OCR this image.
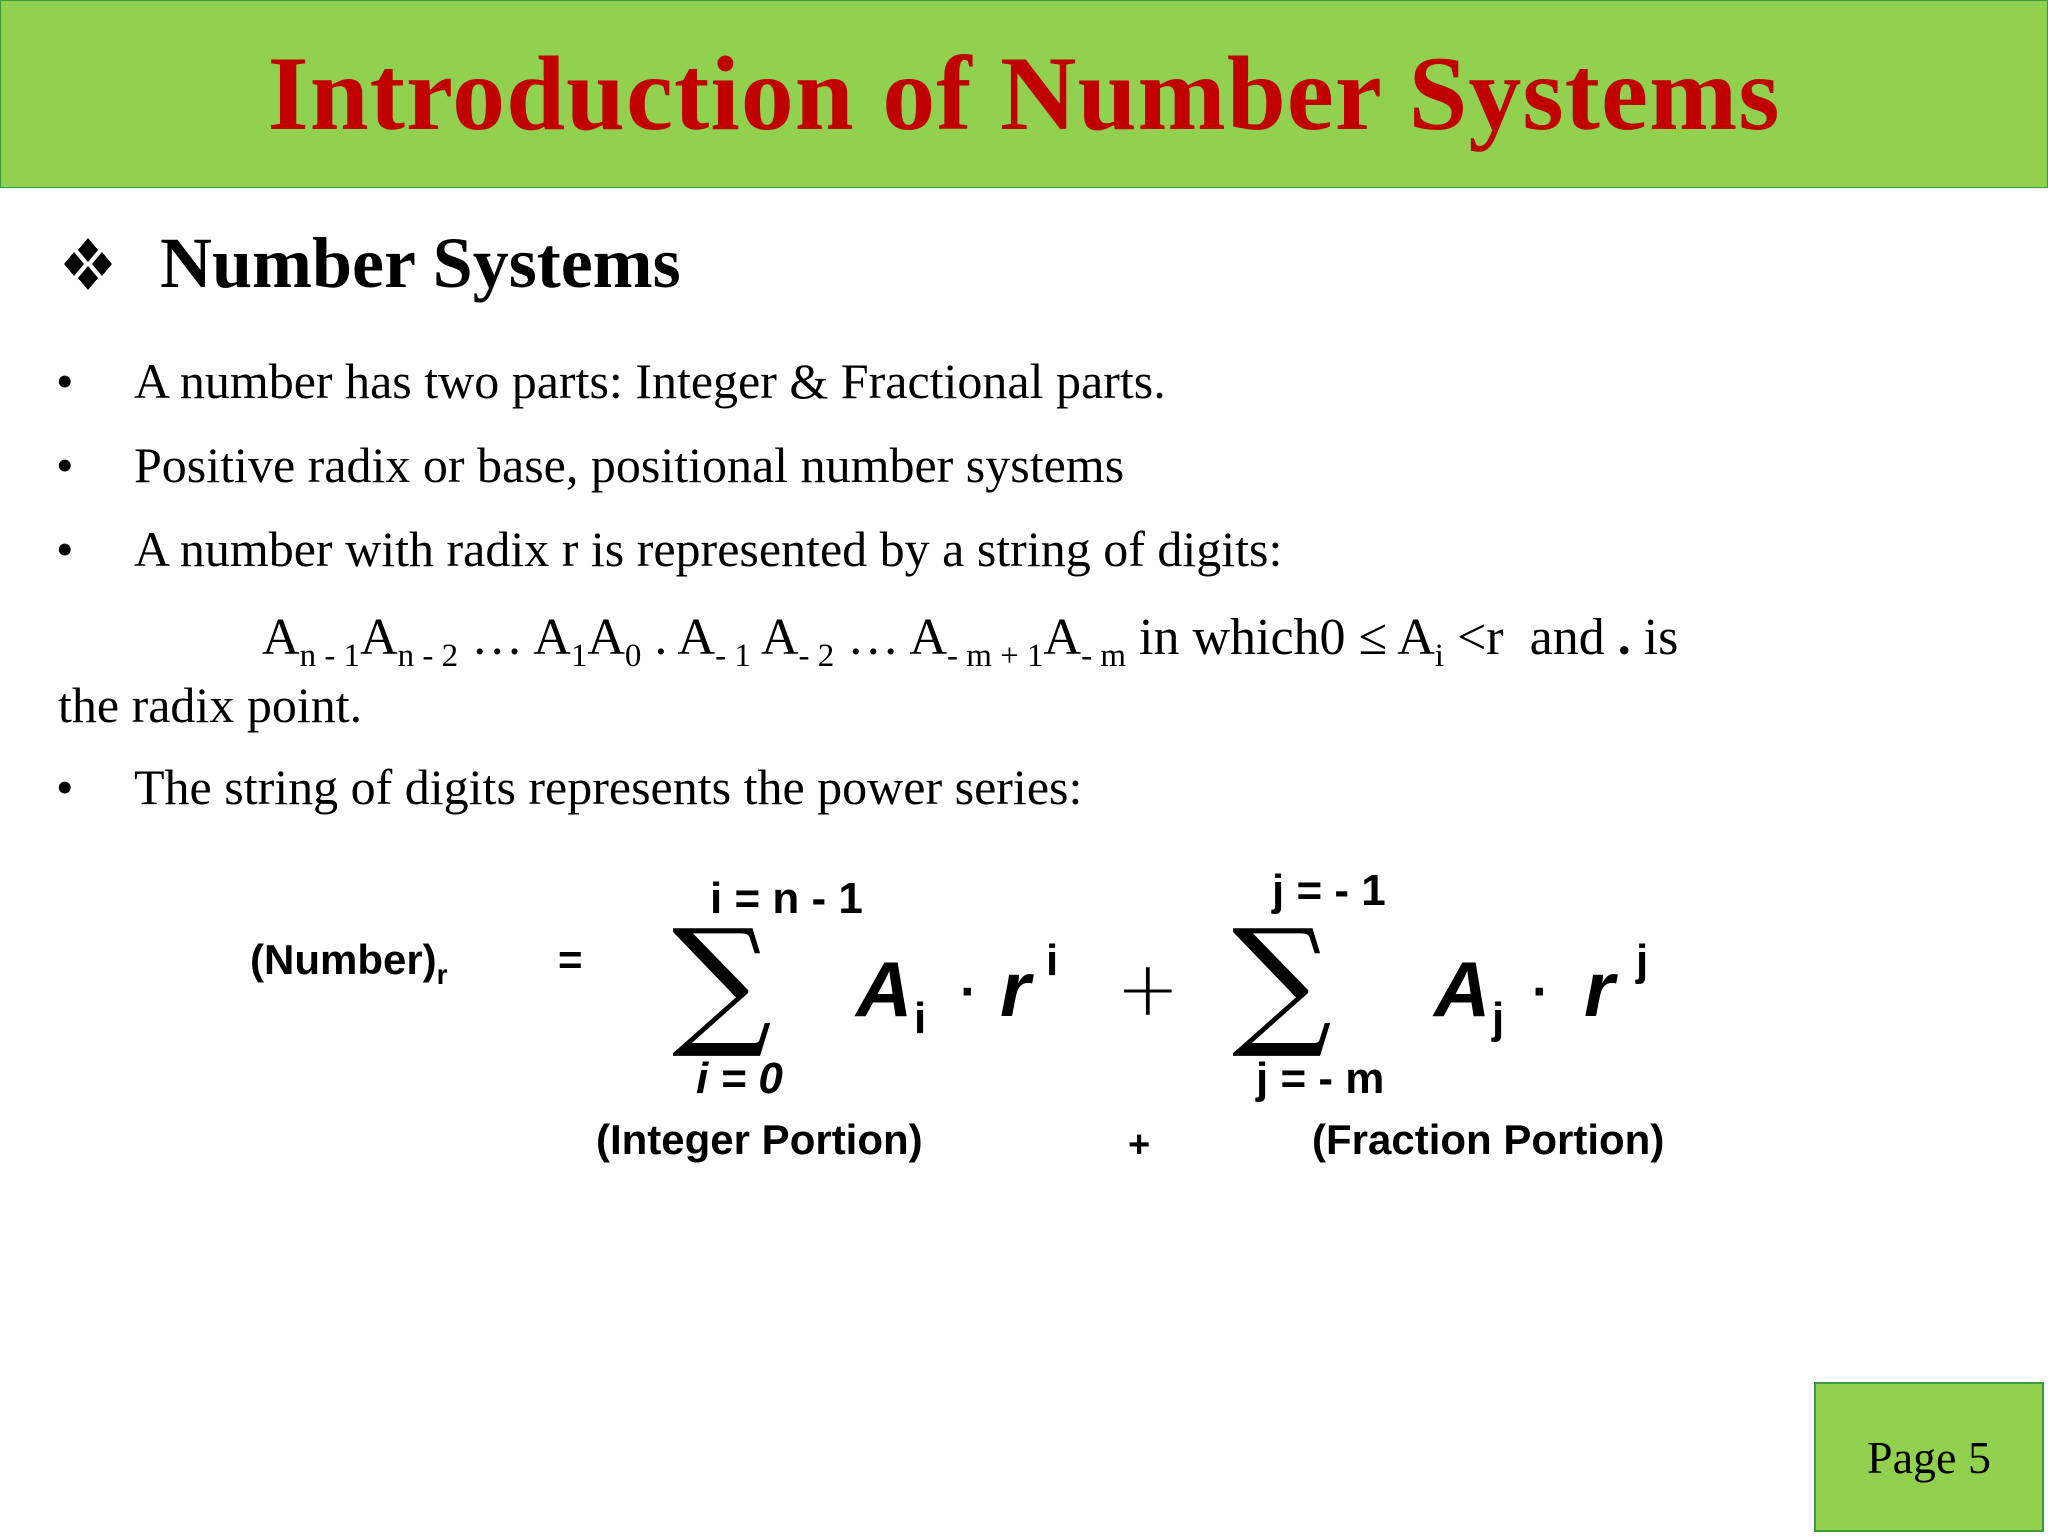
Introduction of Number Systems
Number Systems
• A number has two parts: Integer & Fractional parts.
• Positive radix or base, positional number systems
• A number with radix r is represented by a string of digits:
$A_{n - 1}A_{n - 2}$ … $A_1A_0$ . $A_{- 1}$ $A_{- 2}$ … $A_{- m + 1}A_{- m}$ in which0 ≤ $A_i <r$ and . is
the radix point.
• The string of digits represents the power series:
$(Number)_r$	=
i = n - 1
∑
i = 0
A i · r i +
j = - 1
∑
j = - m
A j · r j
(Integer Portion)	+	(Fraction Portion)
Page 5
